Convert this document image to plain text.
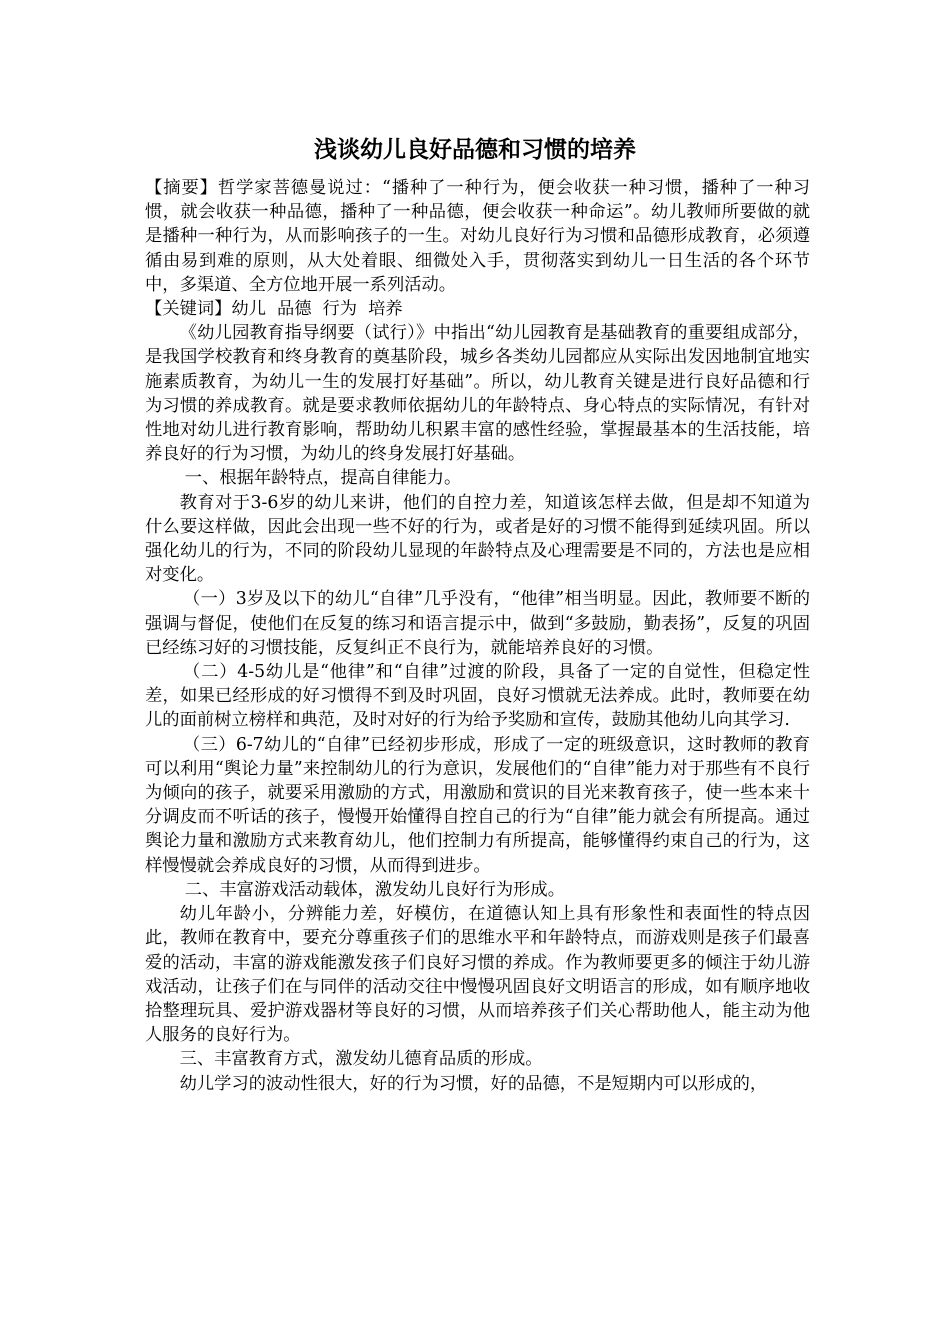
浅谈幼儿良好品德和习惯的培养

【摘要】哲学家菩德曼说过：“播种了一种行为，便会收获一种习惯，播种了一种习惯，就会收获一种品德，播种了一种品德，便会收获一种命运”。幼儿教师所要做的就是播种一种行为，从而影响孩子的一生。对幼儿良好行为习惯和品德形成教育，必须遵循由易到难的原则，从大处着眼、细微处入手，贯彻落实到幼儿一日生活的各个环节中，多渠道、全方位地开展一系列活动。

【关键词】幼儿  品德  行为  培养

《幼儿园教育指导纲要（试行）》中指出“幼儿园教育是基础教育的重要组成部分，是我国学校教育和终身教育的奠基阶段，城乡各类幼儿园都应从实际出发因地制宜地实施素质教育，为幼儿一生的发展打好基础”。所以，幼儿教育关键是进行良好品德和行为习惯的养成教育。就是要求教师依据幼儿的年龄特点、身心特点的实际情况，有针对性地对幼儿进行教育影响，帮助幼儿积累丰富的感性经验，掌握最基本的生活技能，培养良好的行为习惯，为幼儿的终身发展打好基础。

一、根据年龄特点，提高自律能力。

教育对于3-6岁的幼儿来讲，他们的自控力差，知道该怎样去做，但是却不知道为什么要这样做，因此会出现一些不好的行为，或者是好的习惯不能得到延续巩固。所以强化幼儿的行为，不同的阶段幼儿显现的年龄特点及心理需要是不同的，方法也是应相对变化。

（一）3岁及以下的幼儿“自律”几乎没有，“他律”相当明显。因此，教师要不断的强调与督促，使他们在反复的练习和语言提示中，做到“多鼓励，勤表扬”，反复的巩固已经练习好的习惯技能，反复纠正不良行为，就能培养良好的习惯。

（二）4-5幼儿是“他律”和“自律”过渡的阶段，具备了一定的自觉性，但稳定性差，如果已经形成的好习惯得不到及时巩固，良好习惯就无法养成。此时，教师要在幼儿的面前树立榜样和典范，及时对好的行为给予奖励和宣传，鼓励其他幼儿向其学习.

（三）6-7幼儿的“自律”已经初步形成，形成了一定的班级意识，这时教师的教育可以利用“舆论力量”来控制幼儿的行为意识，发展他们的“自律”能力对于那些有不良行为倾向的孩子，就要采用激励的方式，用激励和赏识的目光来教育孩子，使一些本来十分调皮而不听话的孩子，慢慢开始懂得自控自己的行为“自律”能力就会有所提高。通过舆论力量和激励方式来教育幼儿，他们控制力有所提高，能够懂得约束自己的行为，这样慢慢就会养成良好的习惯，从而得到进步。

二、丰富游戏活动载体，激发幼儿良好行为形成。

幼儿年龄小，分辨能力差，好模仿，在道德认知上具有形象性和表面性的特点因此，教师在教育中，要充分尊重孩子们的思维水平和年龄特点，而游戏则是孩子们最喜爱的活动，丰富的游戏能激发孩子们良好习惯的养成。作为教师要更多的倾注于幼儿游戏活动，让孩子们在与同伴的活动交往中慢慢巩固良好文明语言的形成，如有顺序地收拾整理玩具、爱护游戏器材等良好的习惯，从而培养孩子们关心帮助他人，能主动为他人服务的良好行为。

三、丰富教育方式，激发幼儿德育品质的形成。

幼儿学习的波动性很大，好的行为习惯，好的品德，不是短期内可以形成的，
